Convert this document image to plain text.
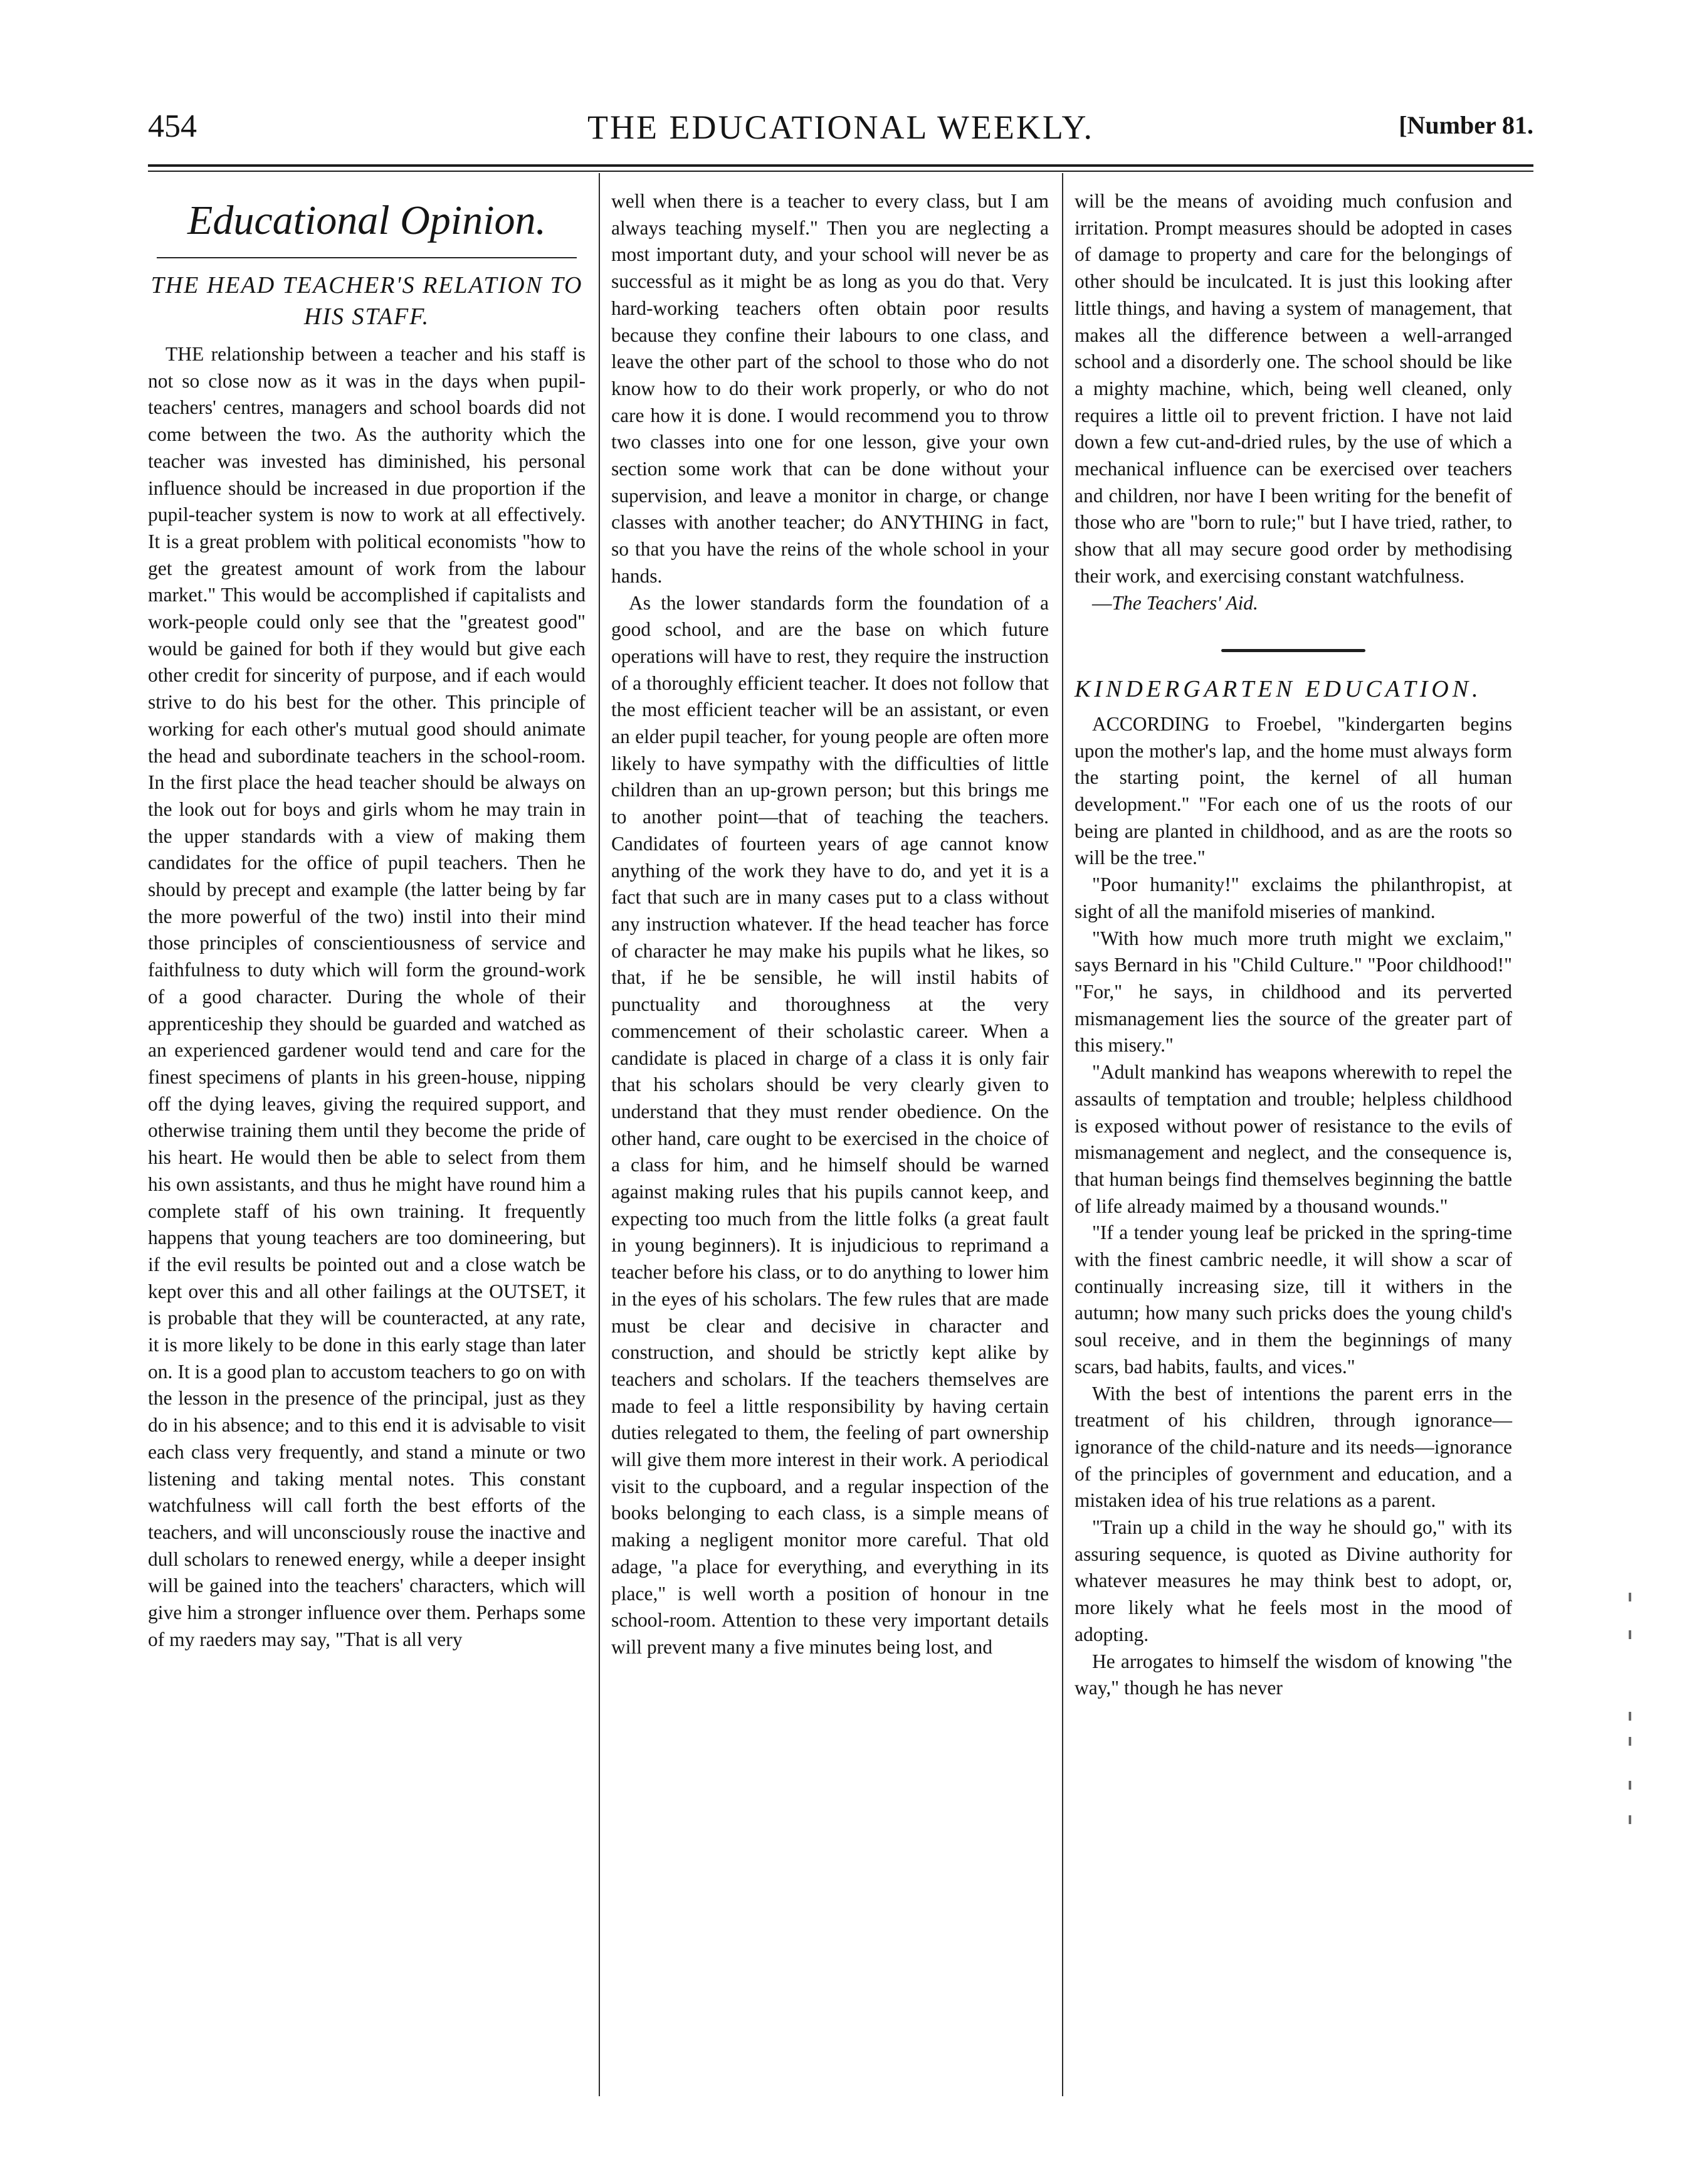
454	THE EDUCATIONAL WEEKLY.	[Number 81.
Educational Opinion.
THE HEAD TEACHER'S RELATION TO HIS STAFF.

THE relationship between a teacher and his staff is not so close now as it was in the days when pupil-teachers' centres, managers and school boards did not come between the two. As the authority which the teacher was invested has diminished, his personal influence should be increased in due proportion if the pupil-teacher system is now to work at all effectively. It is a great problem with political economists "how to get the greatest amount of work from the labour market." This would be accomplished if capitalists and work-people could only see that the "greatest good" would be gained for both if they would but give each other credit for sincerity of purpose, and if each would strive to do his best for the other. This principle of working for each other's mutual good should animate the head and subordinate teachers in the school-room. In the first place the head teacher should be always on the look out for boys and girls whom he may train in the upper standards with a view of making them candidates for the office of pupil teachers. Then he should by precept and example (the latter being by far the more powerful of the two) instil into their mind those principles of conscientiousness of service and faithfulness to duty which will form the ground-work of a good character. During the whole of their apprenticeship they should be guarded and watched as an experienced gardener would tend and care for the finest specimens of plants in his green-house, nipping off the dying leaves, giving the required support, and otherwise training them until they become the pride of his heart. He would then be able to select from them his own assistants, and thus he might have round him a complete staff of his own training. It frequently happens that young teachers are too domineering, but if the evil results be pointed out and a close watch be kept over this and all other failings at the OUTSET, it is probable that they will be counteracted, at any rate, it is more likely to be done in this early stage than later on. It is a good plan to accustom teachers to go on with the lesson in the presence of the principal, just as they do in his absence; and to this end it is advisable to visit each class very frequently, and stand a minute or two listening and taking mental notes. This constant watchfulness will call forth the best efforts of the teachers, and will unconsciously rouse the inactive and dull scholars to renewed energy, while a deeper insight will be gained into the teachers' characters, which will give him a stronger influence over them. Perhaps some of my raeders may say, "That is all very

well when there is a teacher to every class, but I am always teaching myself." Then you are neglecting a most important duty, and your school will never be as successful as it might be as long as you do that. Very hard-working teachers often obtain poor results because they confine their labours to one class, and leave the other part of the school to those who do not know how to do their work properly, or who do not care how it is done. I would recommend you to throw two classes into one for one lesson, give your own section some work that can be done without your supervision, and leave a monitor in charge, or change classes with another teacher; do ANYTHING in fact, so that you have the reins of the whole school in your hands.

As the lower standards form the foundation of a good school, and are the base on which future operations will have to rest, they require the instruction of a thoroughly efficient teacher. It does not follow that the most efficient teacher will be an assistant, or even an elder pupil teacher, for young people are often more likely to have sympathy with the difficulties of little children than an up-grown person; but this brings me to another point—that of teaching the teachers. Candidates of fourteen years of age cannot know anything of the work they have to do, and yet it is a fact that such are in many cases put to a class without any instruction whatever. If the head teacher has force of character he may make his pupils what he likes, so that, if he be sensible, he will instil habits of punctuality and thoroughness at the very commencement of their scholastic career. When a candidate is placed in charge of a class it is only fair that his scholars should be very clearly given to understand that they must render obedience. On the other hand, care ought to be exercised in the choice of a class for him, and he himself should be warned against making rules that his pupils cannot keep, and expecting too much from the little folks (a great fault in young beginners). It is injudicious to reprimand a teacher before his class, or to do anything to lower him in the eyes of his scholars. The few rules that are made must be clear and decisive in character and construction, and should be strictly kept alike by teachers and scholars. If the teachers themselves are made to feel a little responsibility by having certain duties relegated to them, the feeling of part ownership will give them more interest in their work. A periodical visit to the cupboard, and a regular inspection of the books belonging to each class, is a simple means of making a negligent monitor more careful. That old adage, "a place for everything, and everything in its place," is well worth a position of honour in tne school-room. Attention to these very important details will prevent many a five minutes being lost, and

will be the means of avoiding much confusion and irritation. Prompt measures should be adopted in cases of damage to property and care for the belongings of other should be inculcated. It is just this looking after little things, and having a system of management, that makes all the difference between a well-arranged school and a disorderly one. The school should be like a mighty machine, which, being well cleaned, only requires a little oil to prevent friction. I have not laid down a few cut-and-dried rules, by the use of which a mechanical influence can be exercised over teachers and children, nor have I been writing for the benefit of those who are "born to rule;" but I have tried, rather, to show that all may secure good order by methodising their work, and exercising constant watchfulness.

—The Teachers' Aid.

KINDERGARTEN EDUCATION.

ACCORDING to Froebel, "kindergarten begins upon the mother's lap, and the home must always form the starting point, the kernel of all human development." "For each one of us the roots of our being are planted in childhood, and as are the roots so will be the tree."

"Poor humanity!" exclaims the philanthropist, at sight of all the manifold miseries of mankind.

"With how much more truth might we exclaim," says Bernard in his "Child Culture." "Poor childhood!" "For," he says, in childhood and its perverted mismanagement lies the source of the greater part of this misery."

"Adult mankind has weapons wherewith to repel the assaults of temptation and trouble; helpless childhood is exposed without power of resistance to the evils of mismanagement and neglect, and the consequence is, that human beings find themselves beginning the battle of life already maimed by a thousand wounds."

"If a tender young leaf be pricked in the spring-time with the finest cambric needle, it will show a scar of continually increasing size, till it withers in the autumn; how many such pricks does the young child's soul receive, and in them the beginnings of many scars, bad habits, faults, and vices."

With the best of intentions the parent errs in the treatment of his children, through ignorance—ignorance of the child-nature and its needs—ignorance of the principles of government and education, and a mistaken idea of his true relations as a parent.

"Train up a child in the way he should go," with its assuring sequence, is quoted as Divine authority for whatever measures he may think best to adopt, or, more likely what he feels most in the mood of adopting.

He arrogates to himself the wisdom of knowing "the way," though he has never
